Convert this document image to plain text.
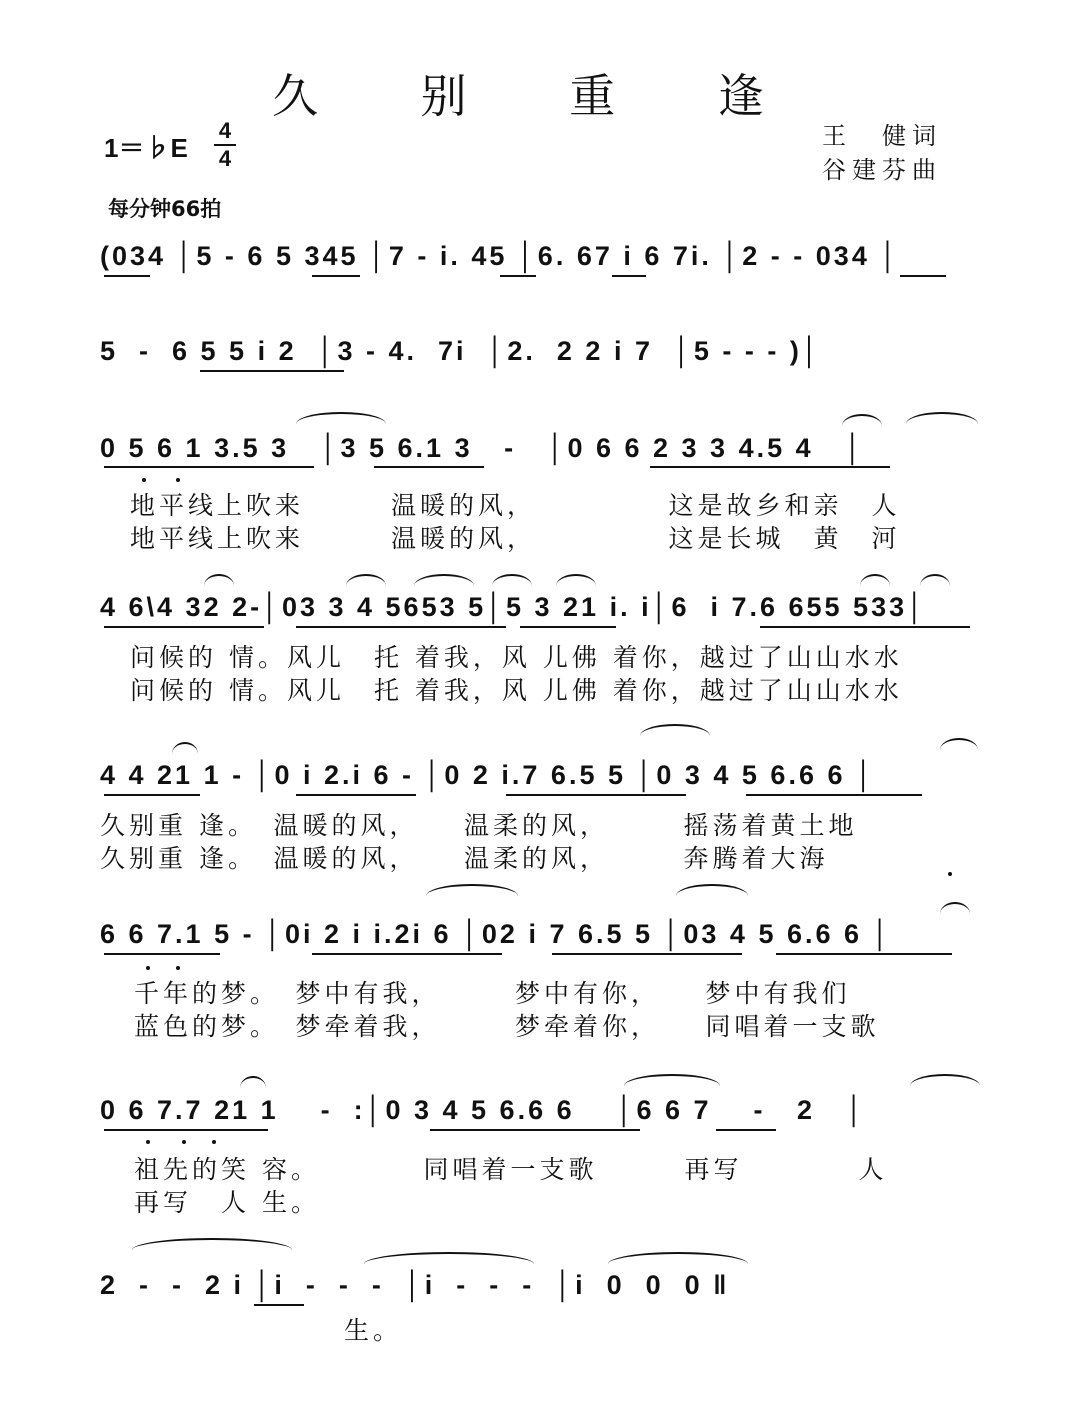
久 别 重 逢
1＝♭E
4
4
王　健词
谷建芬曲
每分钟66拍
(034 │5 - 6 5 345 │7 - i. 45 │6. 67 i 6 7i. │2 - - 034 │
5  -  6 5 5 i 2  │3 - 4.  7i  │2.  2 2 i 7  │5 - - - )│
0 5 6 1 3.5 3   │3 5 6.1 3   -   │0 6 6 2 3 3 4.5 4   │
地平线上吹来　　　温暖的风，　　　　　这是故乡和亲　人
地平线上吹来　　　温暖的风，　　　　　这是长城　黄　河
4 6\4 32 2-│03 3 4 5653 5│5 3 21 i. i│6  i 7.6 655 533│
问候的 情。风儿　托 着我，风 儿佛 着你，越过了山山水水
问候的 情。风儿　托 着我，风 儿佛 着你，越过了山山水水
4 4 21 1 - │0 i 2.i 6 - │0 2 i.7 6.5 5 │0 3 4 5 6.6 6 │
久别重 逢。　温暖的风，　　温柔的风，　　　摇荡着黄土地
久别重 逢。　温暖的风，　　温柔的风，　　　奔腾着大海
6 6 7.1 5 - │0i 2 i i.2i 6 │02 i 7 6.5 5 │03 4 5 6.6 6 │
千年的梦。　梦中有我，　　　梦中有你，　　梦中有我们
蓝色的梦。　梦牵着我，　　　梦牵着你，　　同唱着一支歌
0 6 7.7 21 1    -  :│0 3 4 5 6.6 6    │6 6 7    -   2   │
祖先的笑 容。　　　　同唱着一支歌　　　再写　　　　人
再写　人 生。
2  -  -  2 i │i  -  -  -  │i  -  -  -  │i  0  0  0 ‖
生。
